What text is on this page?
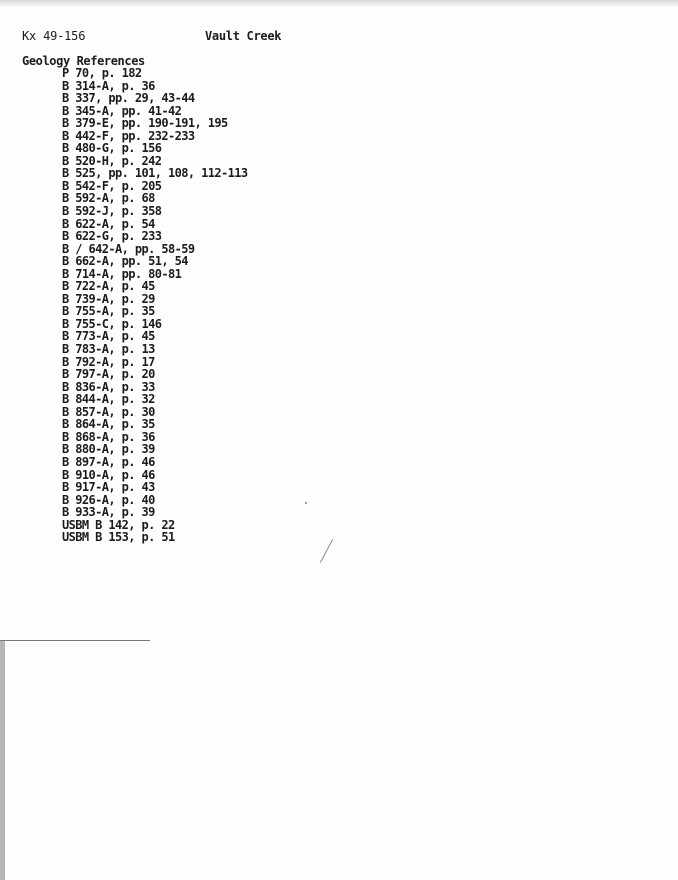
Kx 49-156	Vault Creek
Geology References
P 70, p. 182
B 314-A, p. 36
B 337, pp. 29, 43-44
B 345-A, pp. 41-42
B 379-E, pp. 190-191, 195
B 442-F, pp. 232-233
B 480-G, p. 156
B 520-H, p. 242
B 525, pp. 101, 108, 112-113
B 542-F, p. 205
B 592-A, p. 68
B 592-J, p. 358
B 622-A, p. 54
B 622-G, p. 233
B / 642-A, pp. 58-59
B 662-A, pp. 51, 54
B 714-A, pp. 80-81
B 722-A, p. 45
B 739-A, p. 29
B 755-A, p. 35
B 755-C, p. 146
B 773-A, p. 45
B 783-A, p. 13
B 792-A, p. 17
B 797-A, p. 20
B 836-A, p. 33
B 844-A, p. 32
B 857-A, p. 30
B 864-A, p. 35
B 868-A, p. 36
B 880-A, p. 39
B 897-A, p. 46
B 910-A, p. 46
B 917-A, p. 43
B 926-A, p. 40
B 933-A, p. 39
USBM B 142, p. 22
USBM B 153, p. 51
